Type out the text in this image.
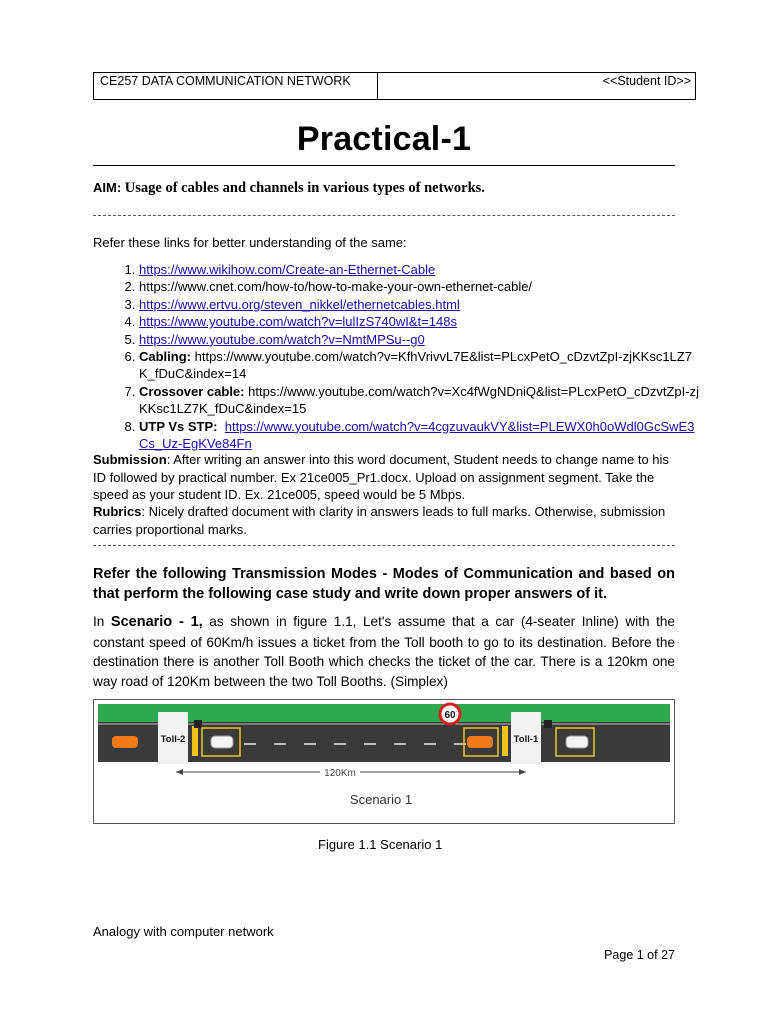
CE257 DATA COMMUNICATION NETWORK	<<Student ID>>
Practical-1
AIM: Usage of cables and channels in various types of networks.
Refer these links for better understanding of the same:
1. https://www.wikihow.com/Create-an-Ethernet-Cable
2. https://www.cnet.com/how-to/how-to-make-your-own-ethernet-cable/
3. https://www.ertvu.org/steven_nikkel/ethernetcables.html
4. https://www.youtube.com/watch?v=lulIzS740wI&t=148s
5. https://www.youtube.com/watch?v=NmtMPSu--g0
6. Cabling: https://www.youtube.com/watch?v=KfhVrivvL7E&list=PLcxPetO_cDzvtZpI-zjKKsc1LZ7K_fDuC&index=14
7. Crossover cable: https://www.youtube.com/watch?v=Xc4fWgNDniQ&list=PLcxPetO_cDzvtZpI-zjKKsc1LZ7K_fDuC&index=15
8. UTP Vs STP: https://www.youtube.com/watch?v=4cgzuvaukVY&list=PLEWX0h0oWdl0GcSwE3Cs_Uz-EgKVe84Fn
Submission: After writing an answer into this word document, Student needs to change name to his ID followed by practical number. Ex 21ce005_Pr1.docx. Upload on assignment segment. Take the speed as your student ID. Ex. 21ce005, speed would be 5 Mbps.
Rubrics: Nicely drafted document with clarity in answers leads to full marks. Otherwise, submission carries proportional marks.
Refer the following Transmission Modes - Modes of Communication and based on that perform the following case study and write down proper answers of it.
In Scenario - 1, as shown in figure 1.1, Let's assume that a car (4-seater Inline) with the constant speed of 60Km/h issues a ticket from the Toll booth to go to its destination. Before the destination there is another Toll Booth which checks the ticket of the car. There is a 120km one way road of 120Km between the two Toll Booths. (Simplex)
Toll-2
60
Toll-1
120Km
Scenario 1
Figure 1.1 Scenario 1
Analogy with computer network
Page 1 of 27
